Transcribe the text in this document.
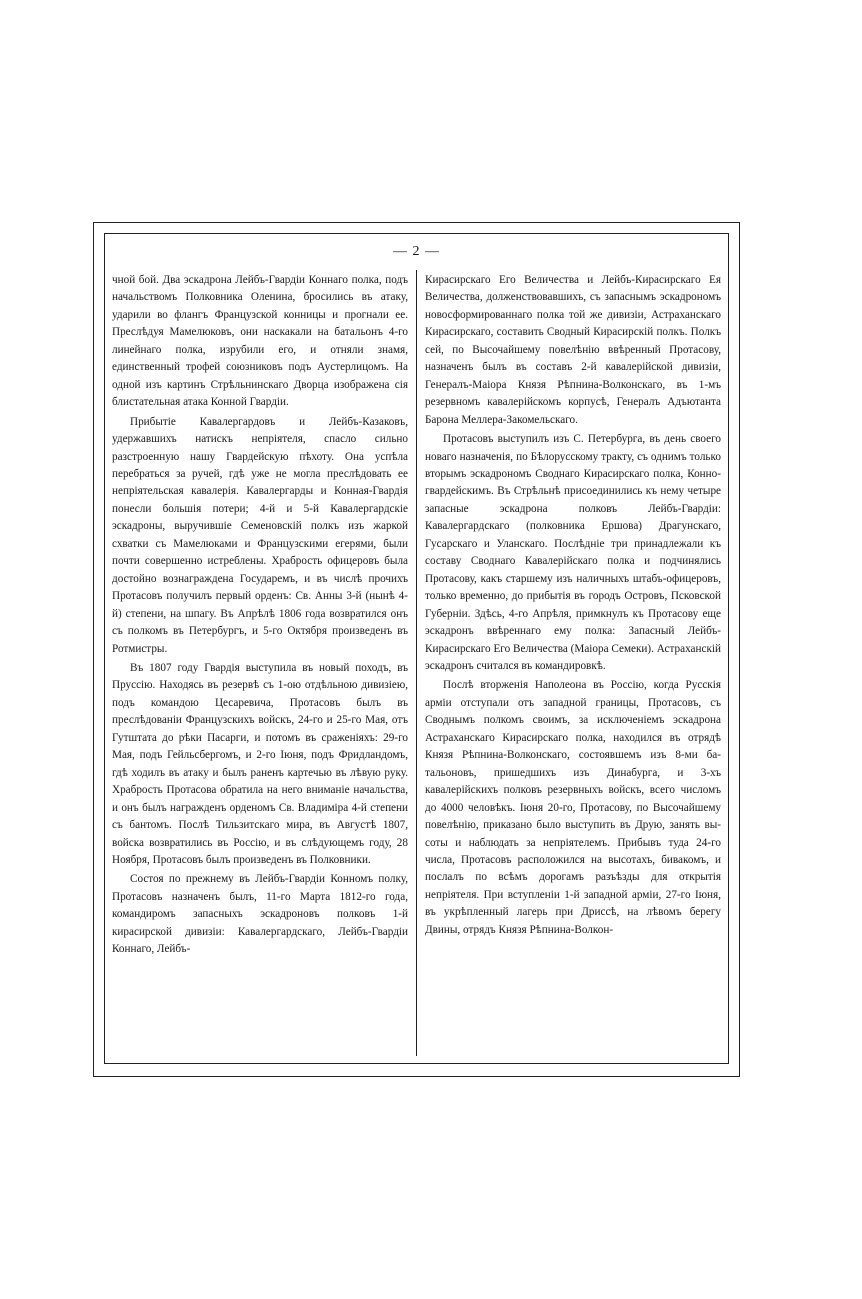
— 2 —

чной бой. Два эскадрона Лейбъ-Гвардіи Коннаго полка, подъ начальствомъ Полковника Оленина, бросились въ атаку, ударили во флангъ Французской конницы и прогнали ее. Преслѣдуя Мамелюковъ, они наскакали на батальонъ 4-го линейнаго полка, изрубили его, и отняли знамя, единственный трофей союзниковъ подъ Аустерлицомъ. На одной изъ картинъ Стрѣльнинскаго Дворца изображена сія блистательная атака Конной Гвардіи.

Прибытіе Кавалергардовъ и Лейбъ-Казаковъ, удержавшихъ натискъ непріятеля, спасло сильно разстроенную нашу Гвардейскую пѣхоту. Она успѣла перебраться за ручей, гдѣ уже не могла преслѣдовать ее непріятельская кавалерія. Кавалергарды и Конная-Гвардія понесли большія потери; 4-й и 5-й Кавалергардскіе эскадроны, выручившіе Семеновскій полкъ изъ жаркой схватки съ Мамелюками и Французскими егерями, были почти совершенно истреблены. Храбрость офицеровъ была достойно вознаграждена Государемъ, и въ числѣ прочихъ Протасовъ получилъ первый орденъ: Св. Анны 3-й (нынѣ 4-й) степени, на шпагу. Въ Апрѣлѣ 1806 года возвратился онъ съ полкомъ въ Петербургъ, и 5-го Октября произведенъ въ Ротмистры.

Въ 1807 году Гвардія выступила въ новый походъ, въ Пруссію. Находясь въ резервѣ съ 1-ою отдѣльною дивизіею, подъ командою Цесаревича, Протасовъ былъ въ преслѣдованіи Французскихъ войскъ, 24-го и 25-го Мая, отъ Гутштата до рѣки Пасарги, и потомъ въ сраженіяхъ: 29-го Мая, подъ Гейльсбергомъ, и 2-го Іюня, подъ Фридландомъ, гдѣ ходилъ въ атаку и былъ раненъ картечью въ лѣвую руку. Храбрость Протасова обратила на него вниманіе начальства, и онъ былъ награжденъ орденомъ Св. Владиміра 4-й степени съ бантомъ. Послѣ Тильзитскаго мира, въ Августѣ 1807, войска возвратились въ Россію, и въ слѣдующемъ году, 28 Ноября, Протасовъ былъ произведенъ въ Полковники.

Состоя по прежнему въ Лейбъ-Гвардіи Конномъ полку, Протасовъ назначенъ былъ, 11-го Марта 1812-го года, командиромъ запасныхъ эскадроновъ полковъ 1-й кирасирской дивизіи: Кавалергардскаго, Лейбъ-Гвардіи Коннаго, Лейбъ-

Кирасирскаго Его Величества и Лейбъ-Кирасирскаго Ея Величества, долженствовавшихъ, съ запаснымъ эскадрономъ новосформированнаго полка той же дивизіи, Астраханскаго Кирасирскаго, составить Сводный Кирасирскій полкъ. Полкъ сей, по Высочайшему повелѣнію ввѣренный Протасову, назначенъ былъ въ составъ 2-й кавалерійской дивизіи, Генералъ-Маіора Князя Рѣпнина-Волконскаго, въ 1-мъ резервномъ кавалерійскомъ корпусѣ, Генералъ Адъютанта Барона Меллера-Закомельскаго.

Протасовъ выступилъ изъ С. Петербурга, въ день своего новаго назначенія, по Бѣлорусскому тракту, съ однимъ только вторымъ эскадрономъ Своднаго Кирасирскаго полка, Конногвардейскимъ. Въ Стрѣльнѣ присоединились къ нему четыре запасные эскадрона полковъ Лейбъ-Гвардіи: Кавалергардскаго (полковника Ершова) Драгунскаго, Гусарскаго и Уланскаго. Послѣдніе три принадлежали къ составу Своднаго Кавалерійскаго полка и подчинялись Протасову, какъ старшему изъ наличныхъ штабъ-офицеровъ, только временно, до прибытія въ городъ Островъ, Псковской Губерніи. Здѣсь, 4-го Апрѣля, примкнулъ къ Протасову еще эскадронъ ввѣреннаго ему полка: Запасный Лейбъ-Кирасирскаго Его Величества (Маіора Семеки). Астраханскій эскадронъ считался въ командировкѣ.

Послѣ вторженія Наполеона въ Россію, когда Русскія арміи отступали отъ западной границы, Протасовъ, съ Своднымъ полкомъ своимъ, за исключеніемъ эскадрона Астраханскаго Кирасирскаго полка, находился въ отрядѣ Князя Рѣпнина-Волконскаго, состоявшемъ изъ 8-ми батальоновъ, пришедшихъ изъ Динабурга, и 3-хъ кавалерійскихъ полковъ резервныхъ войскъ, всего числомъ до 4000 человѣкъ. Іюня 20-го, Протасову, по Высочайшему повелѣнію, приказано было выступить въ Друю, занять высоты и наблюдать за непріятелемъ. Прибывъ туда 24-го числа, Протасовъ расположился на высотахъ, бивакомъ, и послалъ по всѣмъ дорогамъ разъѣзды для открытія непріятеля. При вступленіи 1-й западной арміи, 27-го Іюня, въ укрѣпленный лагерь при Дриссѣ, на лѣвомъ берегу Двины, отрядъ Князя Рѣпнина-Волкон-
